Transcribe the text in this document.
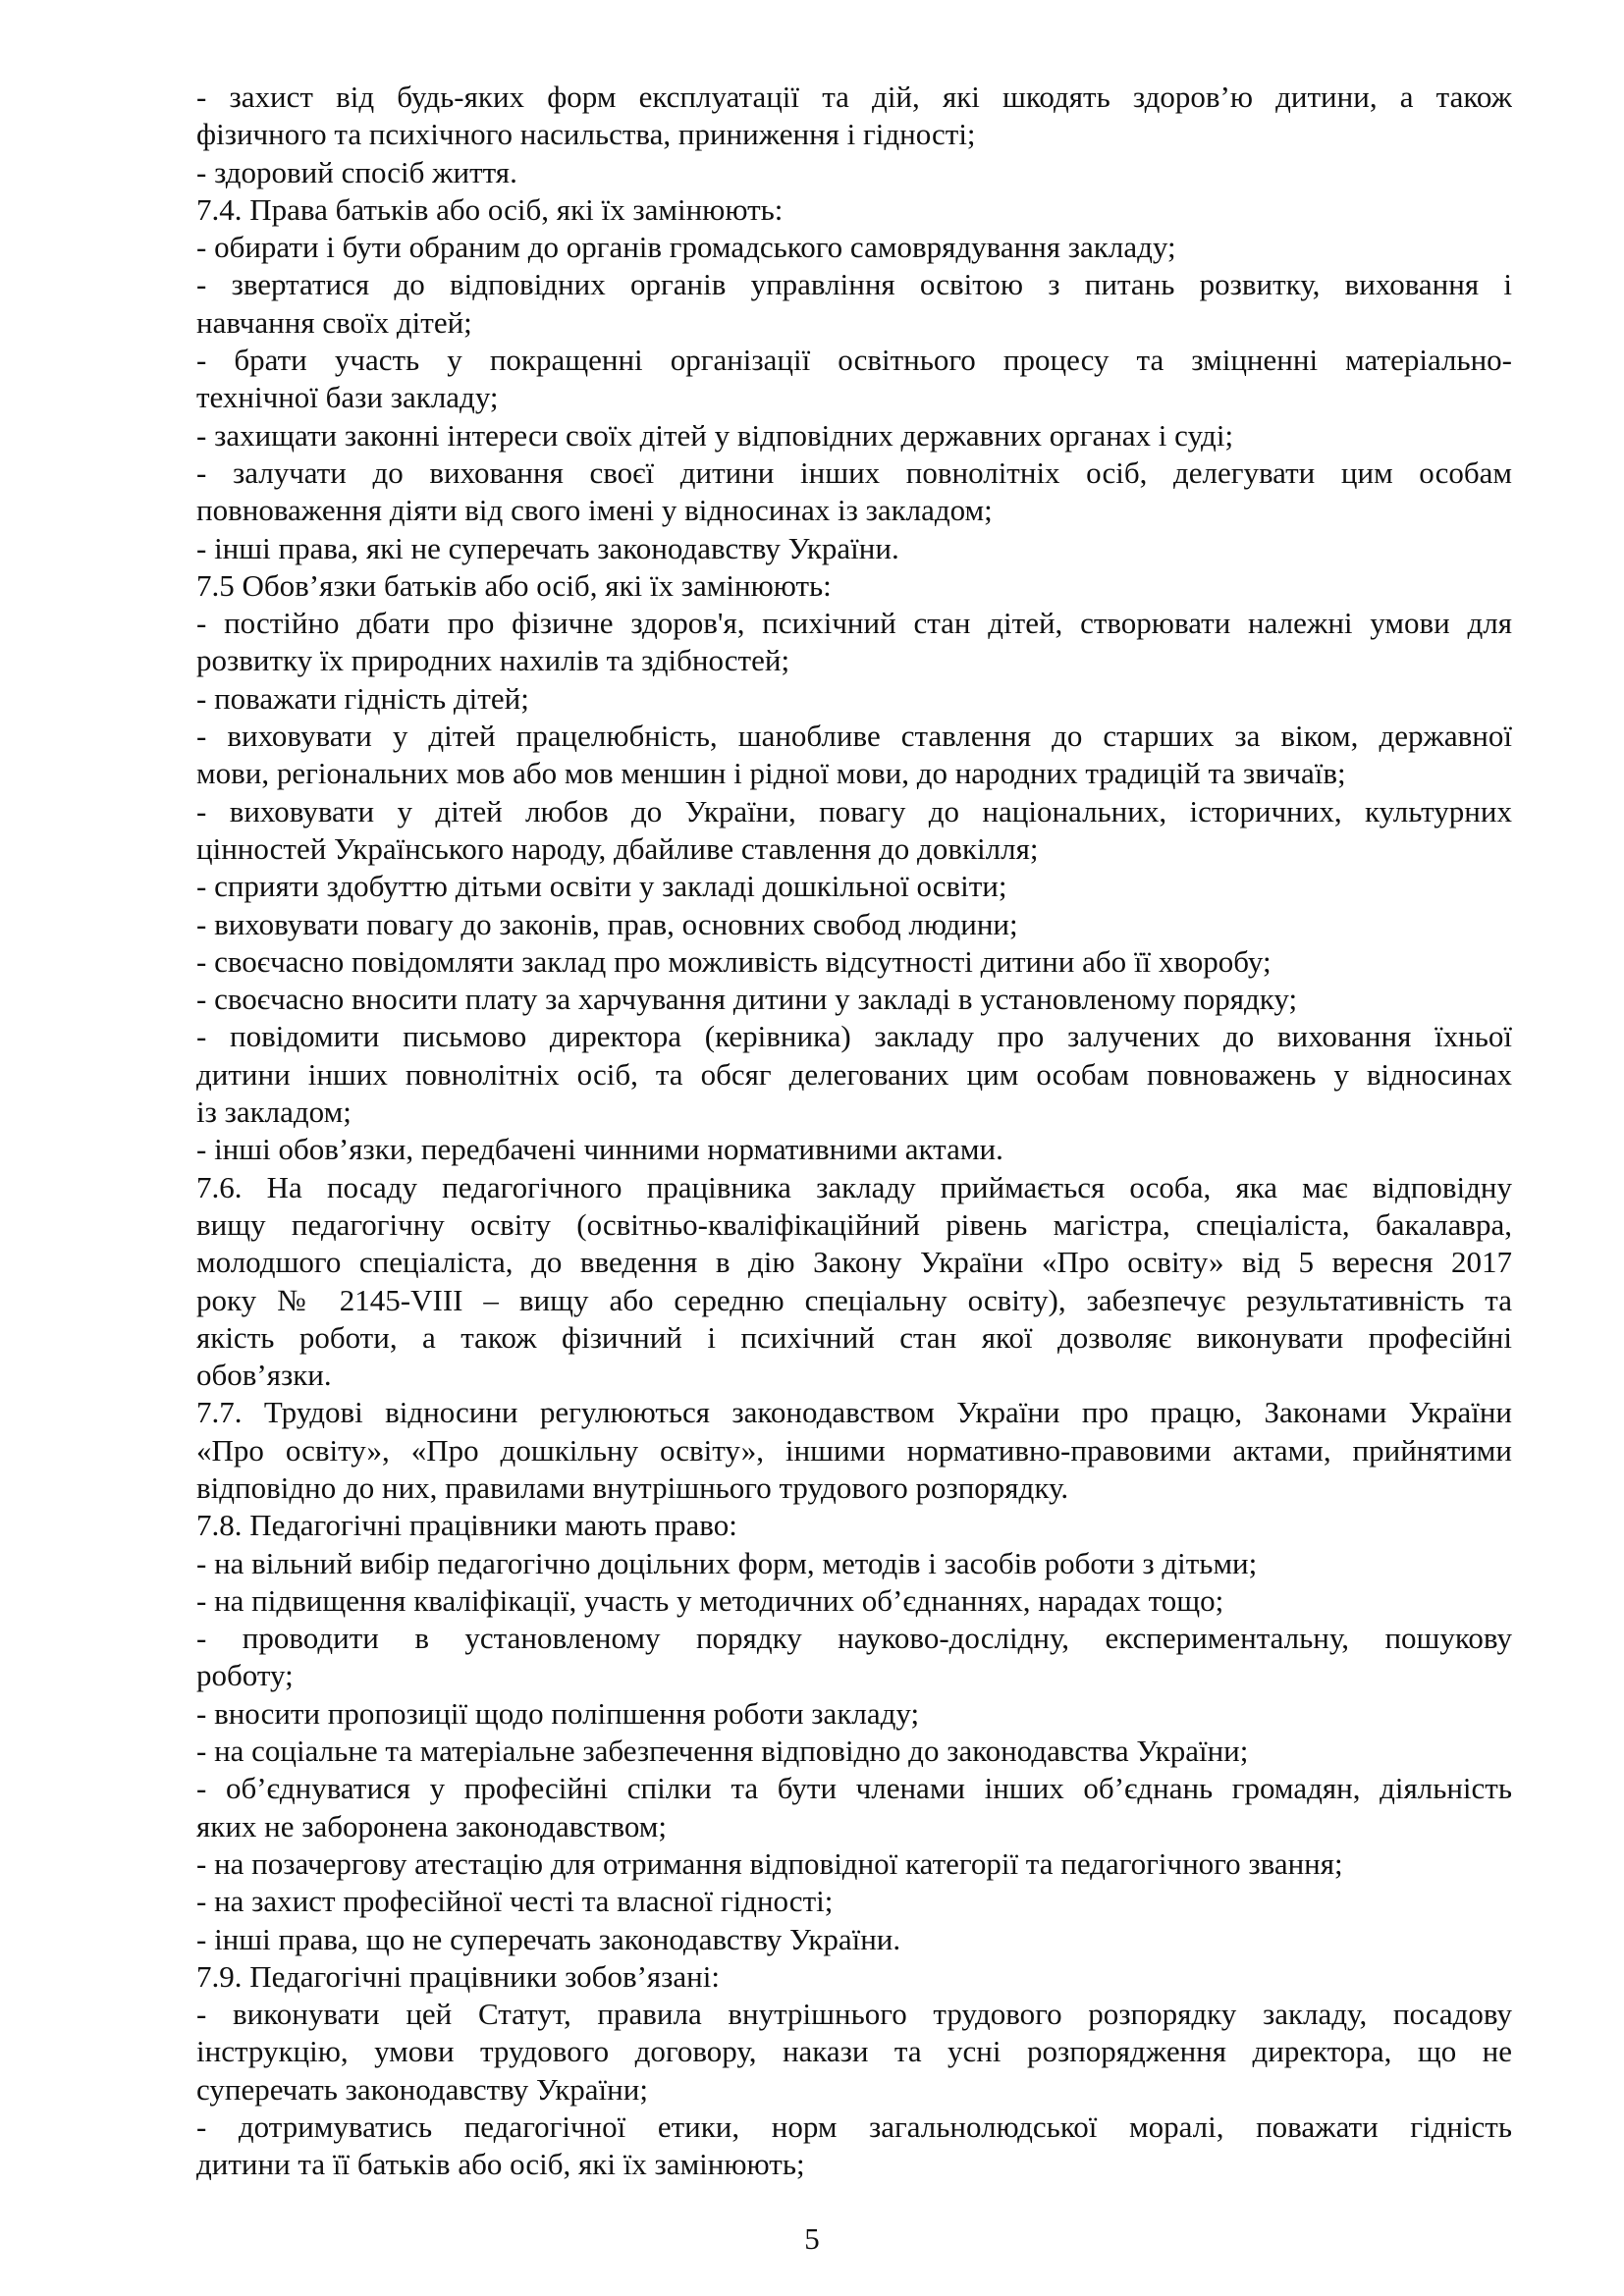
- захист від будь-яких форм експлуатації та дій, які шкодять здоров’ю дитини, а також
фізичного та психічного насильства, приниження і гідності;
- здоровий спосіб життя.
7.4. Права батьків або осіб, які їх замінюють:
- обирати і бути обраним до органів громадського самоврядування закладу;
- звертатися до відповідних органів управління освітою з питань розвитку, виховання і
навчання своїх дітей;
- брати участь у покращенні організації освітнього процесу та зміцненні матеріально-
технічної бази закладу;
- захищати законні інтереси своїх дітей у відповідних державних органах і суді;
- залучати до виховання своєї дитини інших повнолітніх осіб, делегувати цим особам
повноваження діяти від свого імені у відносинах із закладом;
- інші права, які не суперечать законодавству України.
7.5 Обов’язки батьків або осіб, які їх замінюють:
- постійно дбати про фізичне здоров'я, психічний стан дітей, створювати належні умови для
розвитку їх природних нахилів та здібностей;
- поважати гідність дітей;
- виховувати у дітей працелюбність, шанобливе ставлення до старших за віком, державної
мови, регіональних мов або мов меншин і рідної мови, до народних традицій та звичаїв;
- виховувати у дітей любов до України, повагу до національних, історичних, культурних
цінностей Українського народу, дбайливе ставлення до довкілля;
- сприяти здобуттю дітьми освіти у закладі дошкільної освіти;
- виховувати повагу до законів, прав, основних свобод людини;
- своєчасно повідомляти заклад про можливість відсутності дитини або її хворобу;
- своєчасно вносити плату за харчування дитини у закладі в установленому порядку;
- повідомити письмово директора (керівника) закладу про залучених до виховання їхньої
дитини інших повнолітніх осіб, та обсяг делегованих цим особам повноважень у відносинах
із закладом;
- інші обов’язки, передбачені чинними нормативними актами.
7.6. На посаду педагогічного працівника закладу приймається особа, яка має відповідну
вищу педагогічну освіту (освітньо-кваліфікаційний рівень магістра, спеціаліста, бакалавра,
молодшого спеціаліста, до введення в дію Закону України «Про освіту» від 5 вересня 2017
року № 2145-VIII – вищу або середню спеціальну освіту), забезпечує результативність та
якість роботи, а також фізичний і психічний стан якої дозволяє виконувати професійні
обов’язки.
7.7. Трудові відносини регулюються законодавством України про працю, Законами України
«Про освіту», «Про дошкільну освіту», іншими нормативно-правовими актами, прийнятими
відповідно до них, правилами внутрішнього трудового розпорядку.
7.8. Педагогічні працівники мають право:
- на вільний вибір педагогічно доцільних форм, методів і засобів роботи з дітьми;
- на підвищення кваліфікації, участь у методичних об’єднаннях, нарадах тощо;
- проводити в установленому порядку науково-дослідну, експериментальну, пошукову
роботу;
- вносити пропозиції щодо поліпшення роботи закладу;
- на соціальне та матеріальне забезпечення відповідно до законодавства України;
- об’єднуватися у професійні спілки та бути членами інших об’єднань громадян, діяльність
яких не заборонена законодавством;
- на позачергову атестацію для отримання відповідної категорії та педагогічного звання;
- на захист професійної честі та власної гідності;
- інші права, що не суперечать законодавству України.
7.9. Педагогічні працівники зобов’язані:
- виконувати цей Статут, правила внутрішнього трудового розпорядку закладу, посадову
інструкцію, умови трудового договору, накази та усні розпорядження директора, що не
суперечать законодавству України;
- дотримуватись педагогічної етики, норм загальнолюдської моралі, поважати гідність
дитини та її батьків або осіб, які їх замінюють;
5
